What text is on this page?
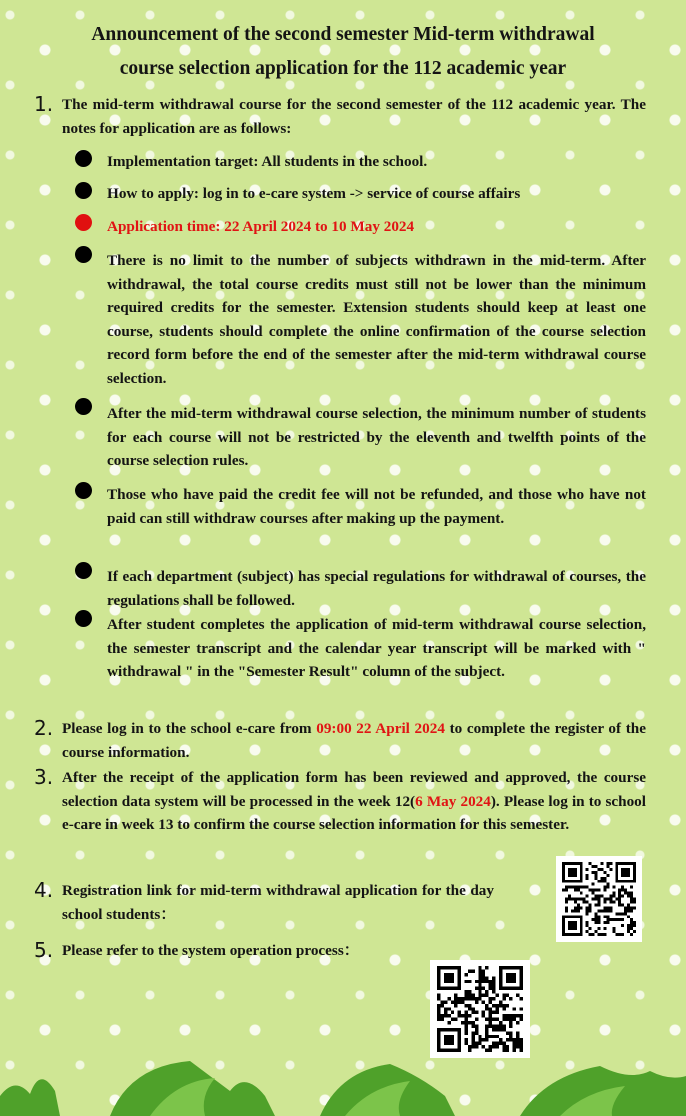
Announcement of the second semester Mid-term withdrawal
course selection application for the 112 academic year
1. The mid-term withdrawal course for the second semester of the 112 academic year. The notes for application are as follows:
Implementation target: All students in the school.
How to apply: log in to e-care system -> service of course affairs
Application time: 22 April 2024 to 10 May 2024
There is no limit to the number of subjects withdrawn in the mid-term. After withdrawal, the total course credits must still not be lower than the minimum required credits for the semester. Extension students should keep at least one course, students should complete the online confirmation of the course selection record form before the end of the semester after the mid-term withdrawal course selection.
After the mid-term withdrawal course selection, the minimum number of students for each course will not be restricted by the eleventh and twelfth points of the course selection rules.
Those who have paid the credit fee will not be refunded, and those who have not paid can still withdraw courses after making up the payment.
If each department (subject) has special regulations for withdrawal of courses, the regulations shall be followed.
After student completes the application of mid-term withdrawal course selection, the semester transcript and the calendar year transcript will be marked with " withdrawal " in the "Semester Result" column of the subject.
2. Please log in to the school e-care from 09:00 22 April 2024 to complete the register of the course information.
3. After the receipt of the application form has been reviewed and approved, the course selection data system will be processed in the week 12(6 May 2024). Please log in to school e-care in week 13 to confirm the course selection information for this semester.
4. Registration link for mid-term withdrawal application for the day school students：
5. Please refer to the system operation process：
